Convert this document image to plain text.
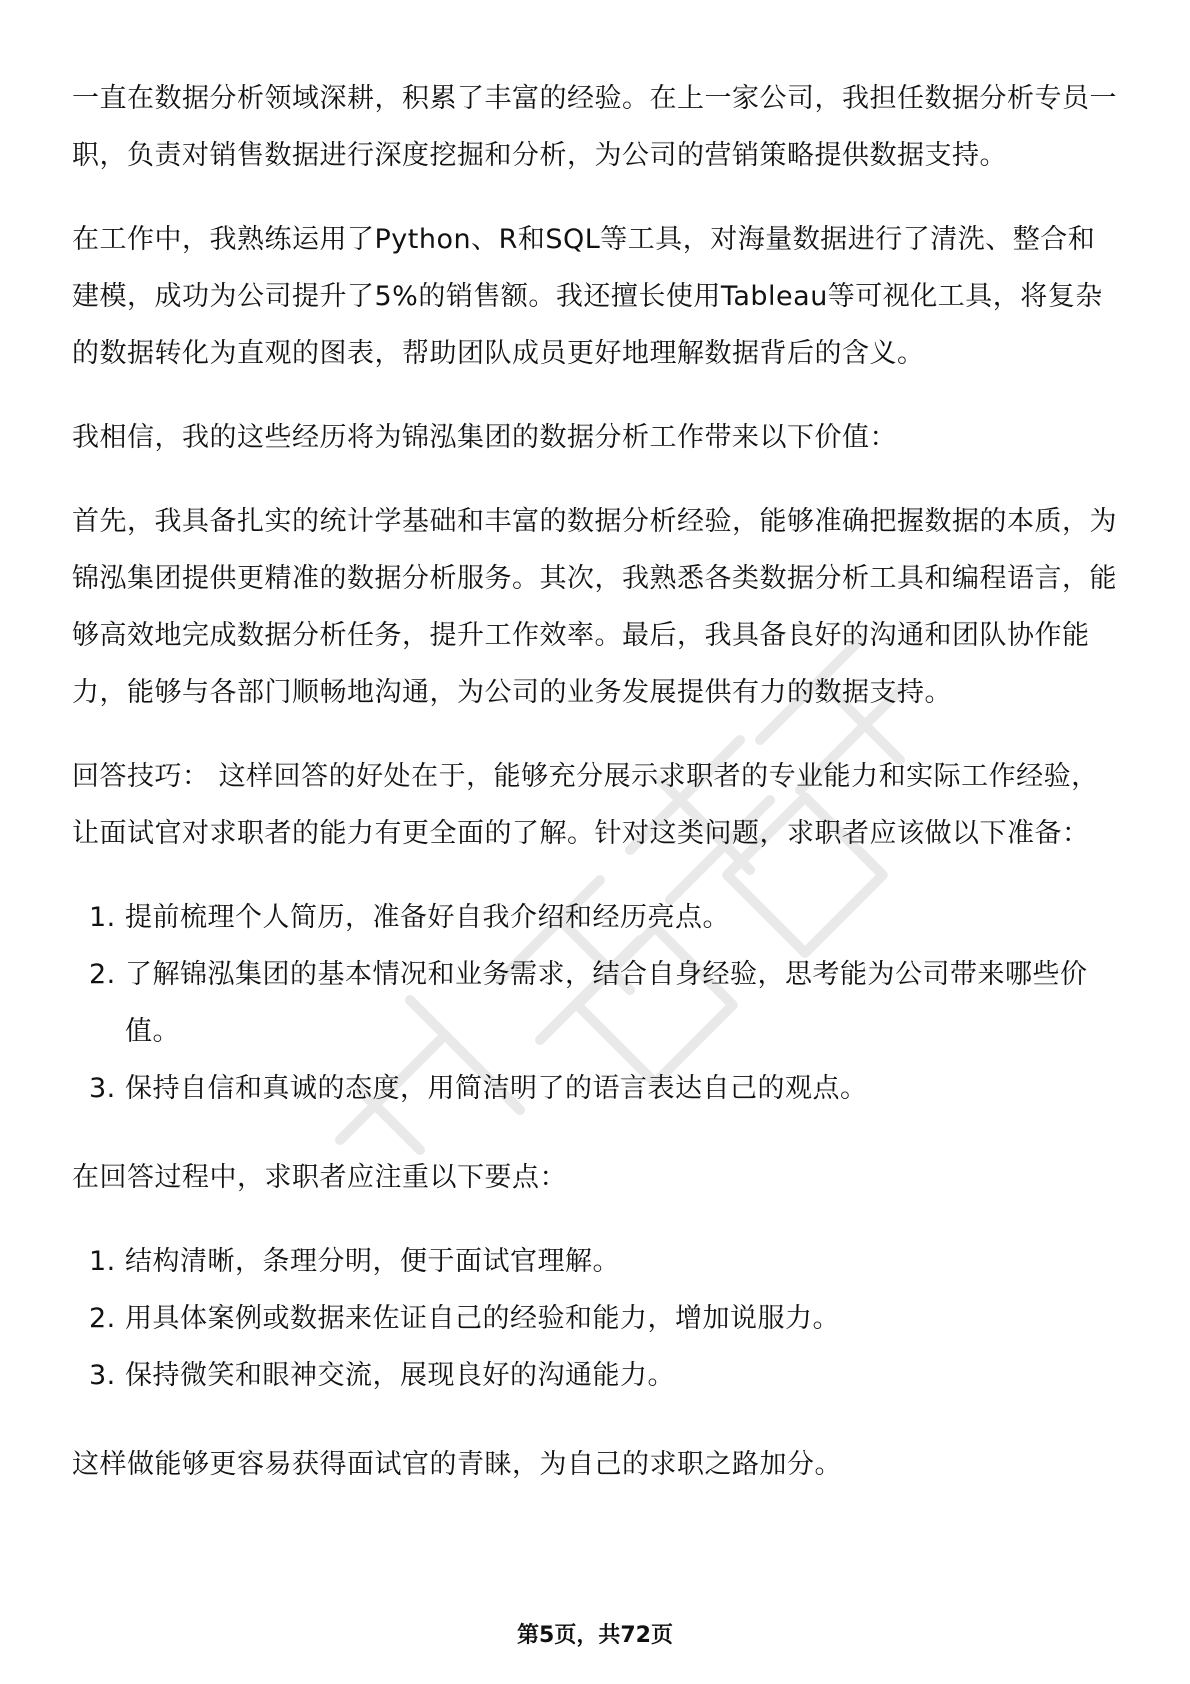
一直在数据分析领域深耕，积累了丰富的经验。在上一家公司，我担任数据分析专员一职，负责对销售数据进行深度挖掘和分析，为公司的营销策略提供数据支持。

在工作中，我熟练运用了Python、R和SQL等工具，对海量数据进行了清洗、整合和建模，成功为公司提升了5%的销售额。我还擅长使用Tableau等可视化工具，将复杂的数据转化为直观的图表，帮助团队成员更好地理解数据背后的含义。

我相信，我的这些经历将为锦泓集团的数据分析工作带来以下价值：

首先，我具备扎实的统计学基础和丰富的数据分析经验，能够准确把握数据的本质，为锦泓集团提供更精准的数据分析服务。其次，我熟悉各类数据分析工具和编程语言，能够高效地完成数据分析任务，提升工作效率。最后，我具备良好的沟通和团队协作能力，能够与各部门顺畅地沟通，为公司的业务发展提供有力的数据支持。

回答技巧： 这样回答的好处在于，能够充分展示求职者的专业能力和实际工作经验，让面试官对求职者的能力有更全面的了解。针对这类问题，求职者应该做以下准备：

1. 提前梳理个人简历，准备好自我介绍和经历亮点。
2. 了解锦泓集团的基本情况和业务需求，结合自身经验，思考能为公司带来哪些价值。
3. 保持自信和真诚的态度，用简洁明了的语言表达自己的观点。

在回答过程中，求职者应注重以下要点：

1. 结构清晰，条理分明，便于面试官理解。
2. 用具体案例或数据来佐证自己的经验和能力，增加说服力。
3. 保持微笑和眼神交流，展现良好的沟通能力。

这样做能够更容易获得面试官的青睐，为自己的求职之路加分。

第5页，共72页
